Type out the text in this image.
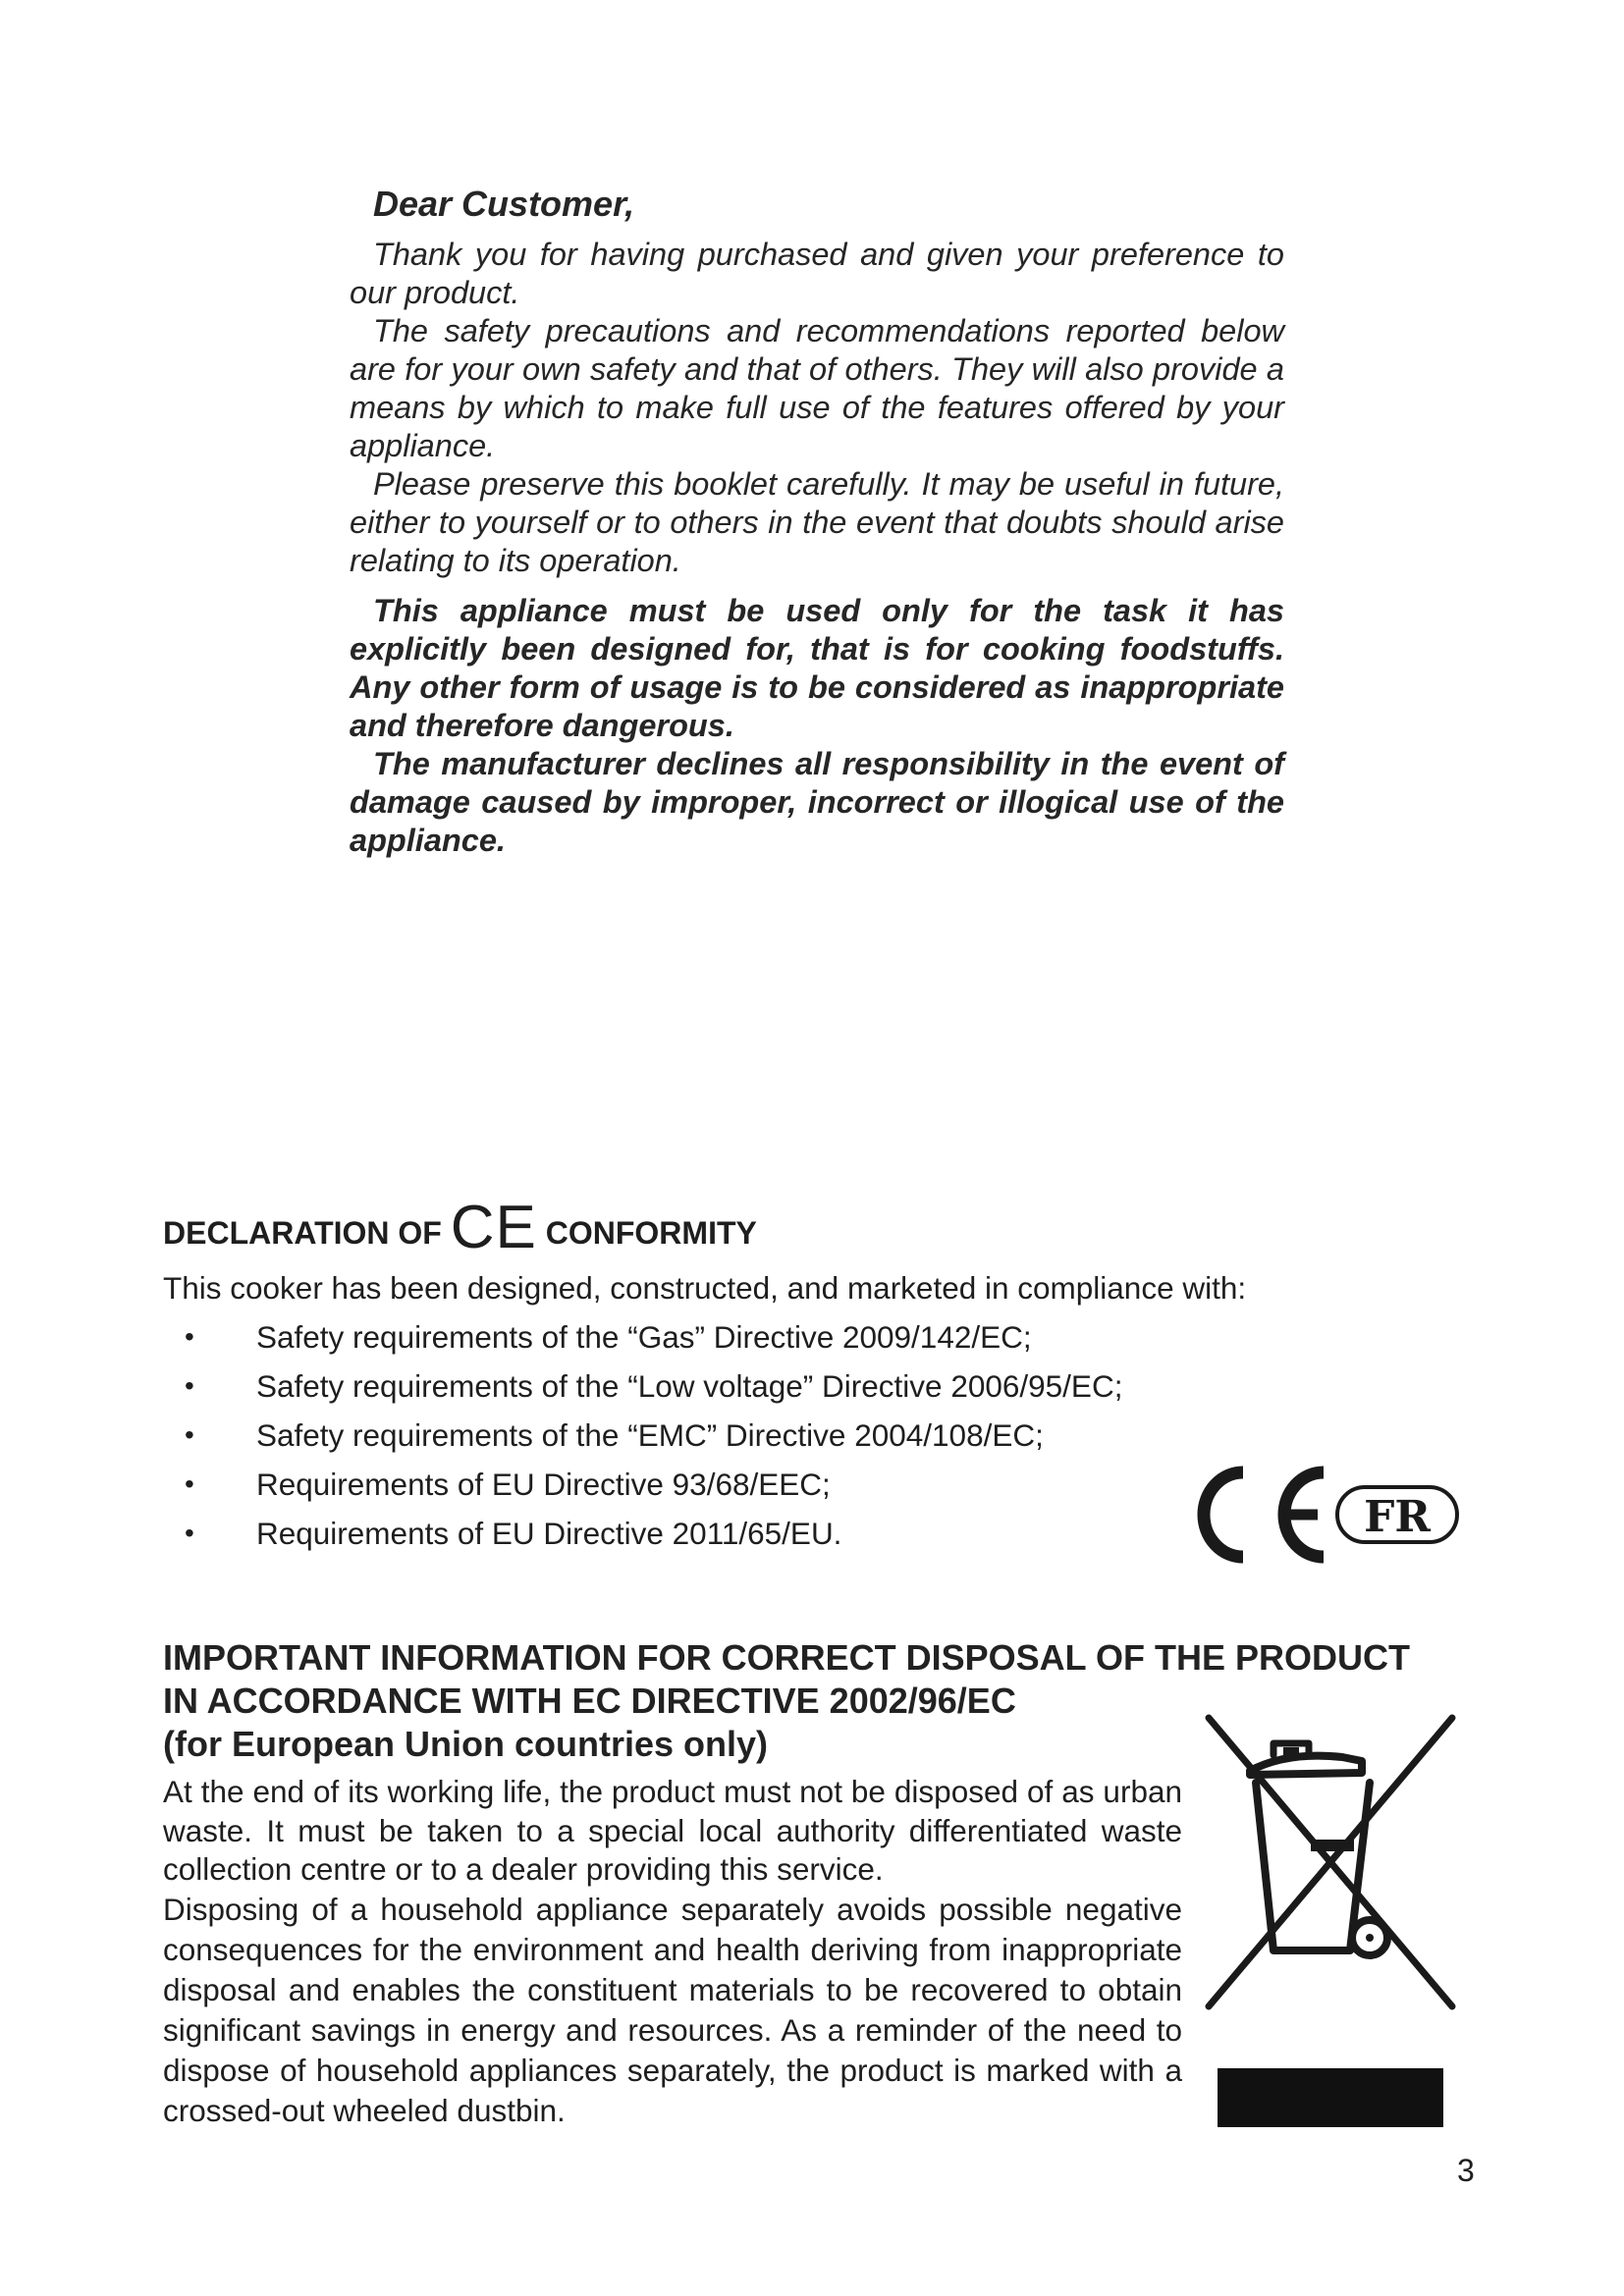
Dear Customer,

Thank you for having purchased and given your preference to our product.

The safety precautions and recommendations reported below are for your own safety and that of others. They will also provide a means by which to make full use of the features offered by your appliance.

Please preserve this booklet carefully. It may be useful in future, either to yourself or to others in the event that doubts should arise relating to its operation.

This appliance must be used only for the task it has explicitly been designed for, that is for cooking foodstuffs. Any other form of usage is to be considered as inappropriate and therefore dangerous.

The manufacturer declines all responsibility in the event of damage caused by improper, incorrect or illogical use of the appliance.

DECLARATION OF CE CONFORMITY
This cooker has been designed, constructed, and marketed in compliance with:
• Safety requirements of the “Gas” Directive 2009/142/EC;
• Safety requirements of the “Low voltage” Directive 2006/95/EC;
• Safety requirements of the “EMC” Directive 2004/108/EC;
• Requirements of EU Directive 93/68/EEC;
• Requirements of EU Directive 2011/65/EU.	FR
IMPORTANT INFORMATION FOR CORRECT DISPOSAL OF THE PRODUCT
IN ACCORDANCE WITH EC DIRECTIVE 2002/96/EC
(for European Union countries only)

At the end of its working life, the product must not be disposed of as urban waste. It must be taken to a special local authority differentiated waste collection centre or to a dealer providing this service.

Disposing of a household appliance separately avoids possible negative consequences for the environment and health deriving from inappropriate disposal and enables the constituent materials to be recovered to obtain significant savings in energy and resources. As a reminder of the need to dispose of household appliances separately, the product is marked with a crossed-out wheeled dustbin.

3
